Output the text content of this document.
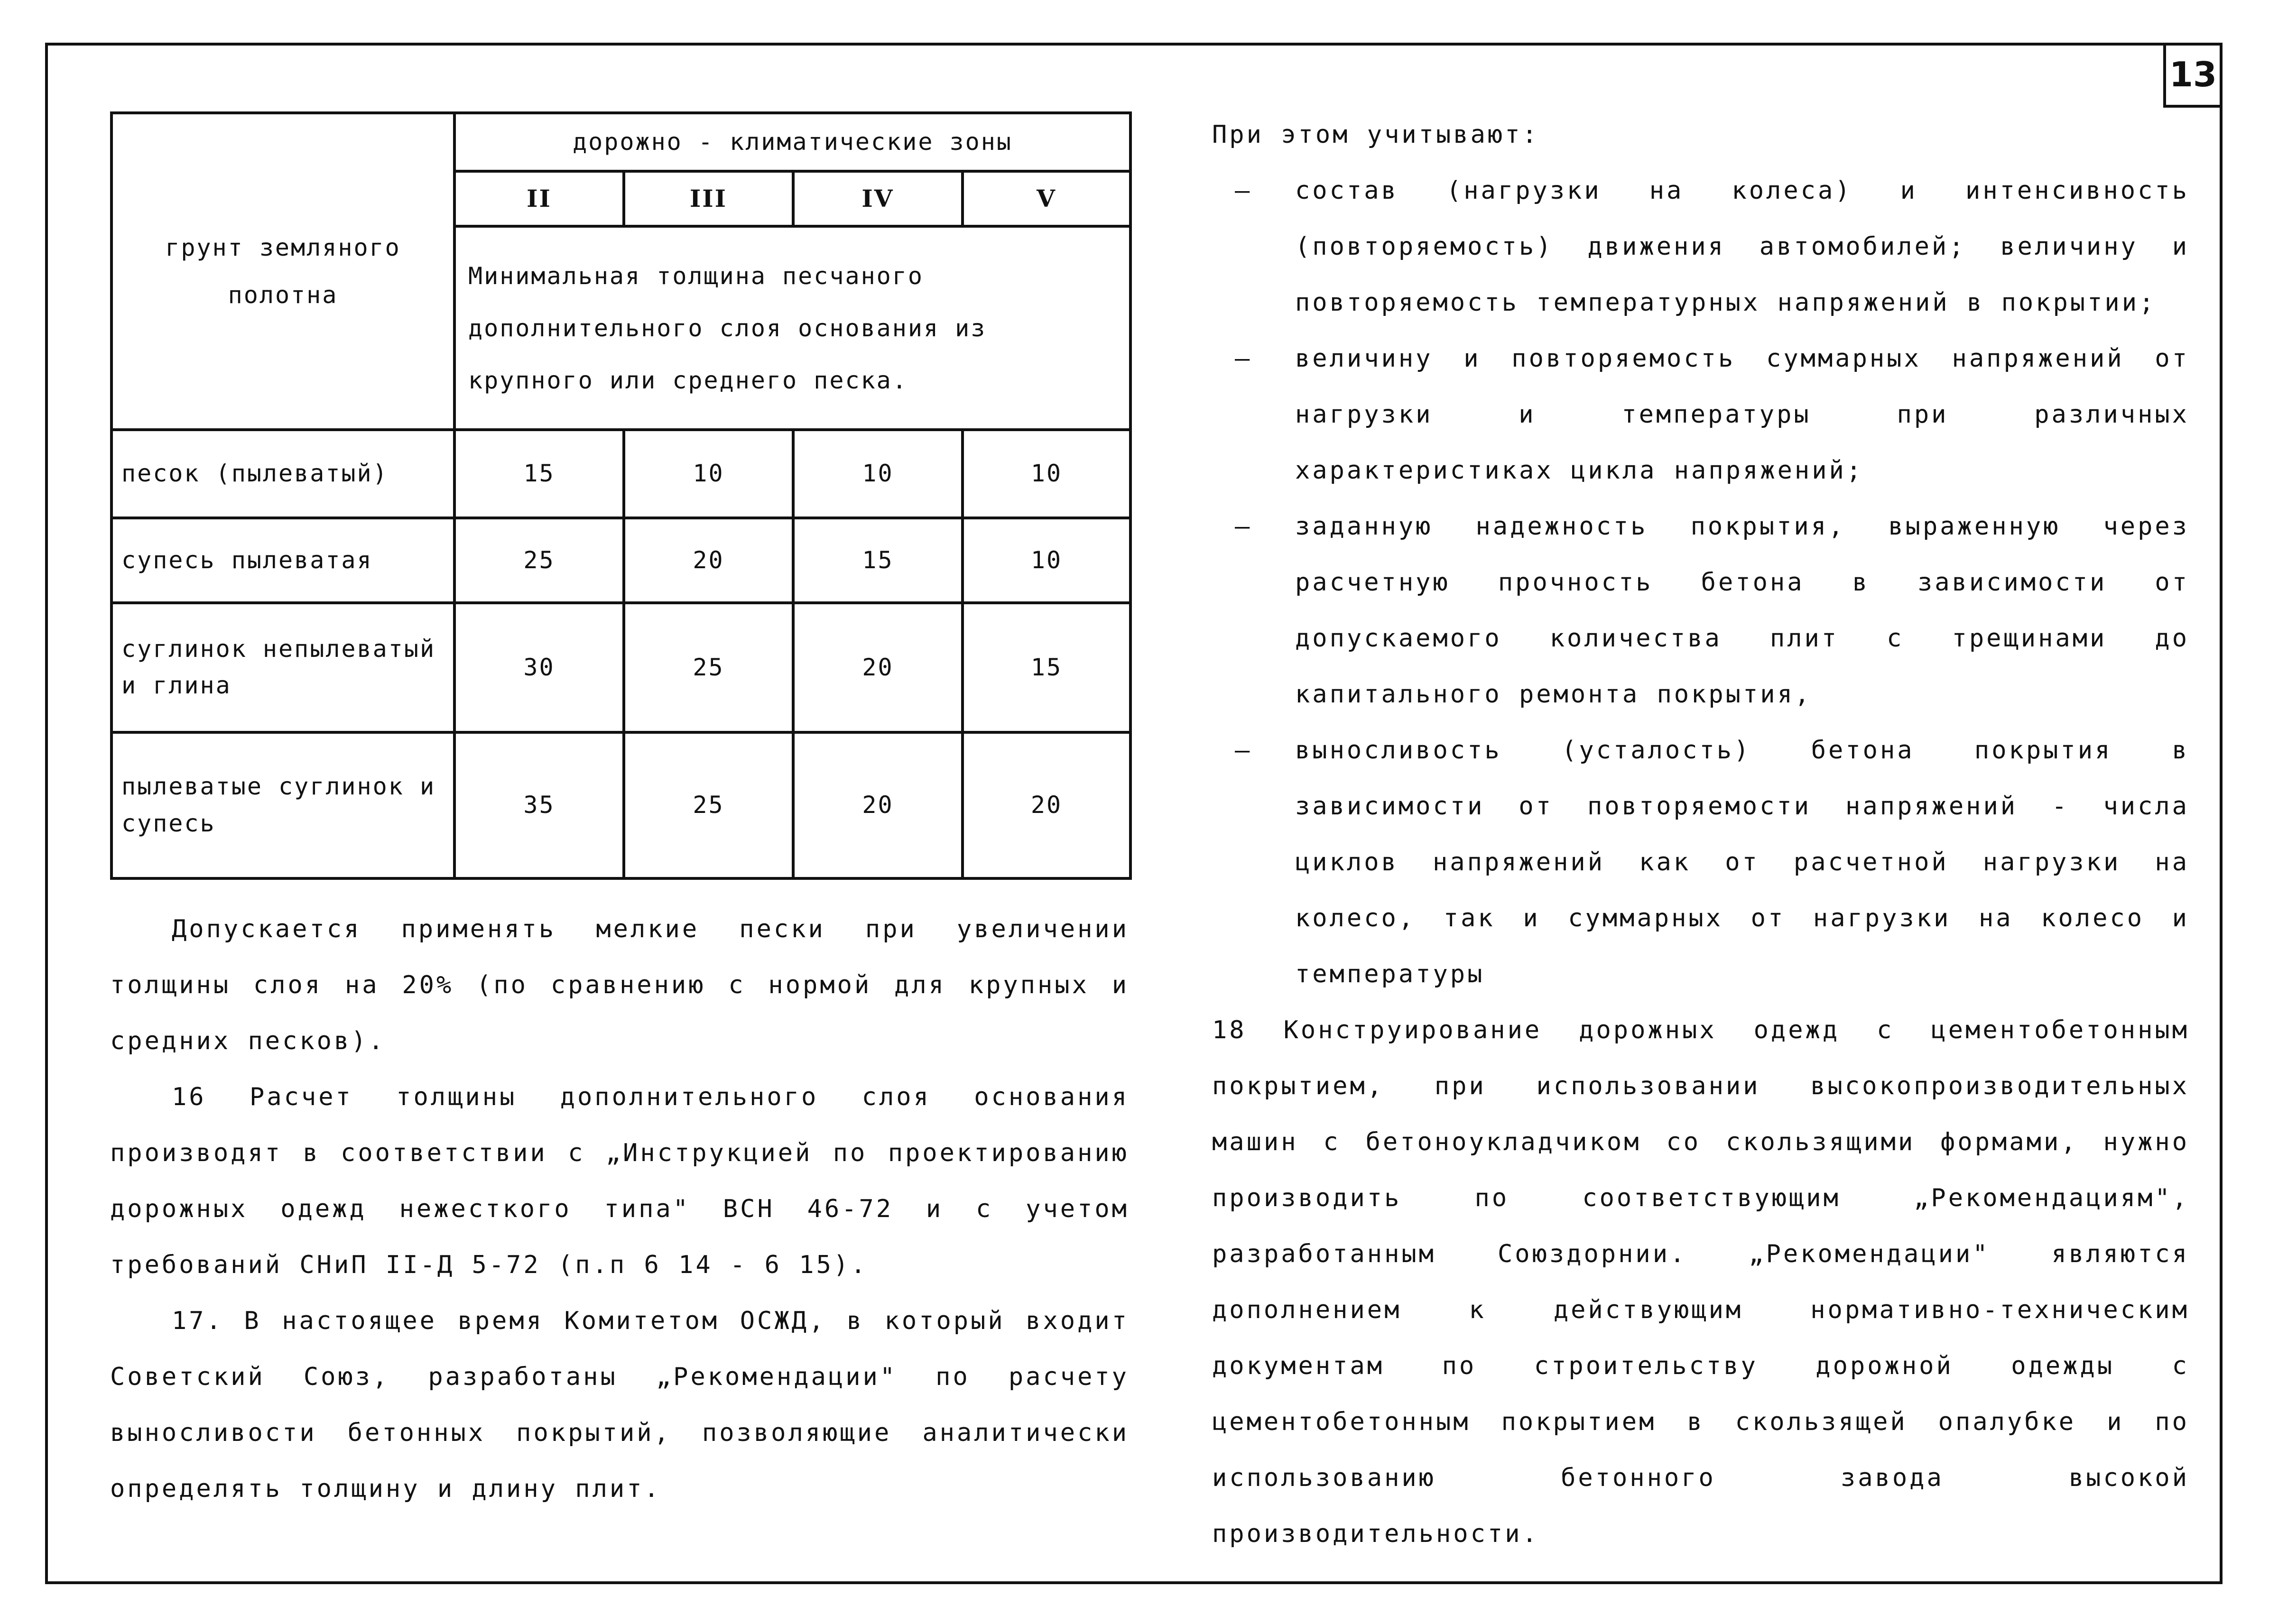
13
грунт земляного полотна	дорожно - климатические зоны			
	II	III	IV	V
	Минимальная толщина песчаного дополнительного слоя основания из крупного или среднего песка.			
песок (пылеватый)	15	10	10	10
супесь пылеватая	25	20	15	10
суглинок непылеватый и глина	30	25	20	15
пылеватые суглинок и супесь	35	25	20	20

Допускается применять мелкие пески при увеличении толщины слоя на 20% (по сравнению с нормой для крупных и средних песков).

16 Расчет толщины дополнительного слоя основания производят в соответствии с „Инструкцией по проектированию дорожных одежд нежесткого типа" ВСН 46-72 и с учетом требований СНиП II-Д 5-72 (п.п 6 14 - 6 15).

17. В настоящее время Комитетом ОСЖД, в который входит Советский Союз, разработаны „Рекомендации" по расчету выносливости бетонных покрытий, позволяющие аналитически определять толщину и длину плит.

При этом учитывают:

— состав (нагрузки на колеса) и интенсивность (повторяемость) движения автомобилей; величину и повторяемость температурных напряжений в покрытии;

— величину и повторяемость суммарных напряжений от нагрузки и температуры при различных характеристиках цикла напряжений;

— заданную надежность покрытия, выраженную через расчетную прочность бетона в зависимости от допускаемого количества плит с трещинами до капитального ремонта покрытия,

— выносливость (усталость) бетона покрытия в зависимости от повторяемости напряжений - числа циклов напряжений как от расчетной нагрузки на колесо, так и суммарных от нагрузки на колесо и температуры

18 Конструирование дорожных одежд с цементобетонным покрытием, при использовании высокопроизводительных машин с бетоноукладчиком со скользящими формами, нужно производить по соответствующим „Рекомендациям", разработанным Союздорнии. „Рекомендации" являются дополнением к действующим нормативно-техническим документам по строительству дорожной одежды с цементобетонным покрытием в скользящей опалубке и по использованию бетонного завода высокой производительности.
